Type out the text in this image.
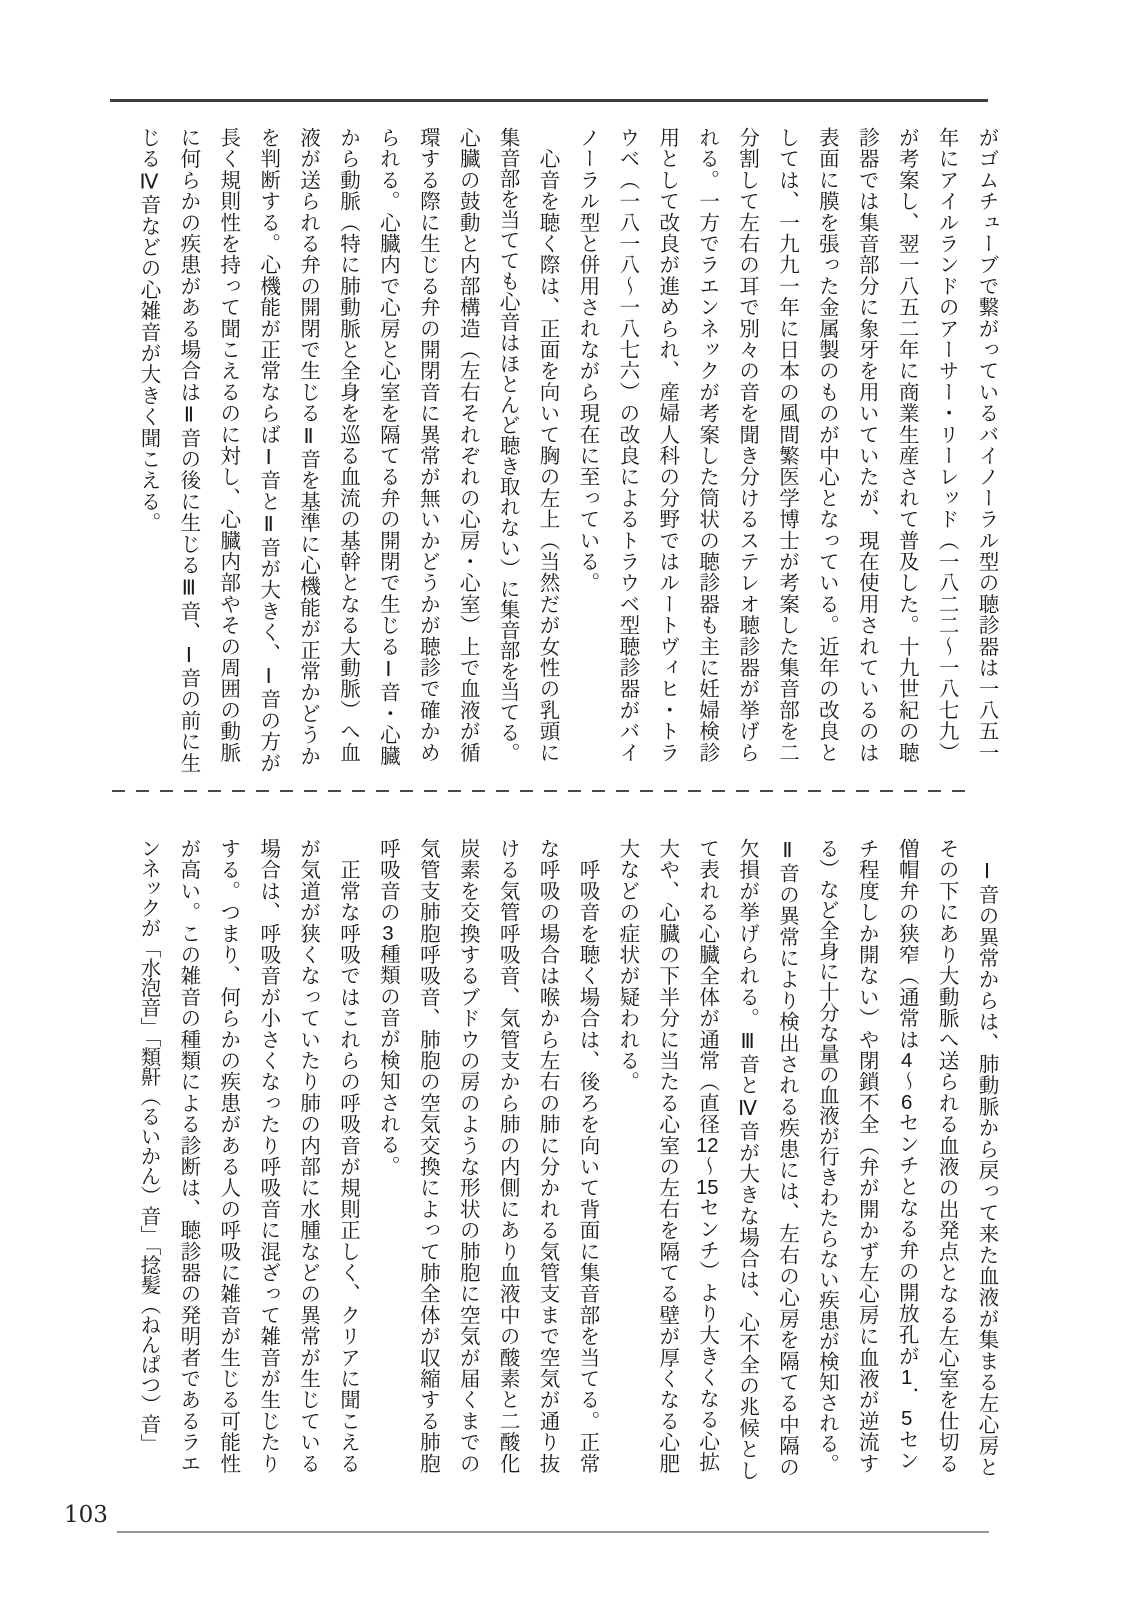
がゴムチューブで繋がっているバイノーラル型の聴診器は一八五一
年にアイルランドのアーサー・リーレッド（一八二二～一八七九）
が考案し、翌一八五二年に商業生産されて普及した。十九世紀の聴
診器では集音部分に象牙を用いていたが、現在使用されているのは
表面に膜を張った金属製のものが中心となっている。近年の改良と
しては、一九九一年に日本の風間繁医学博士が考案した集音部を二
分割して左右の耳で別々の音を聞き分けるステレオ聴診器が挙げら
れる。一方でラエンネックが考案した筒状の聴診器も主に妊婦検診
用として改良が進められ、産婦人科の分野ではルートヴィヒ・トラ
ウベ（一八一八～一八七六）の改良によるトラウベ型聴診器がバイ
ノーラル型と併用されながら現在に至っている。
　心音を聴く際は、正面を向いて胸の左上（当然だが女性の乳頭に
集音部を当てても心音はほとんど聴き取れない）に集音部を当てる。
心臓の鼓動と内部構造（左右それぞれの心房・心室）上で血液が循
環する際に生じる弁の開閉音に異常が無いかどうかが聴診で確かめ
られる。心臓内で心房と心室を隔てる弁の開閉で生じるⅠ音・心臓
から動脈（特に肺動脈と全身を巡る血流の基幹となる大動脈）へ血
液が送られる弁の開閉で生じるⅡ音を基準に心機能が正常かどうか
を判断する。心機能が正常ならばⅠ音とⅡ音が大きく、Ⅰ音の方が
長く規則性を持って聞こえるのに対し、心臓内部やその周囲の動脈
に何らかの疾患がある場合はⅡ音の後に生じるⅢ音、Ⅰ音の前に生
じるⅣ音などの心雑音が大きく聞こえる。
　Ⅰ音の異常からは、肺動脈から戻って来た血液が集まる左心房と
その下にあり大動脈へ送られる血液の出発点となる左心室を仕切る
僧帽弁の狭窄（通常は4～6センチとなる弁の開放孔が1．5セン
チ程度しか開ない）や閉鎖不全（弁が開かず左心房に血液が逆流す
る）など全身に十分な量の血液が行きわたらない疾患が検知される。
Ⅱ音の異常により検出される疾患には、左右の心房を隔てる中隔の
欠損が挙げられる。Ⅲ音とⅣ音が大きな場合は、心不全の兆候とし
て表れる心臓全体が通常（直径12～15センチ）より大きくなる心拡
大や、心臓の下半分に当たる心室の左右を隔てる壁が厚くなる心肥
大などの症状が疑われる。
　呼吸音を聴く場合は、後ろを向いて背面に集音部を当てる。正常
な呼吸の場合は喉から左右の肺に分かれる気管支まで空気が通り抜
ける気管呼吸音、気管支から肺の内側にあり血液中の酸素と二酸化
炭素を交換するブドウの房のような形状の肺胞に空気が届くまでの
気管支肺胞呼吸音、肺胞の空気交換によって肺全体が収縮する肺胞
呼吸音の3種類の音が検知される。
　正常な呼吸ではこれらの呼吸音が規則正しく、クリアに聞こえる
が気道が狭くなっていたり肺の内部に水腫などの異常が生じている
場合は、呼吸音が小さくなったり呼吸音に混ざって雑音が生じたり
する。つまり、何らかの疾患がある人の呼吸に雑音が生じる可能性
が高い。この雑音の種類による診断は、聴診器の発明者であるラエ
ンネックが「水泡音」「類鼾（るいかん）音」「捻髪（ねんぱつ）音」
103
